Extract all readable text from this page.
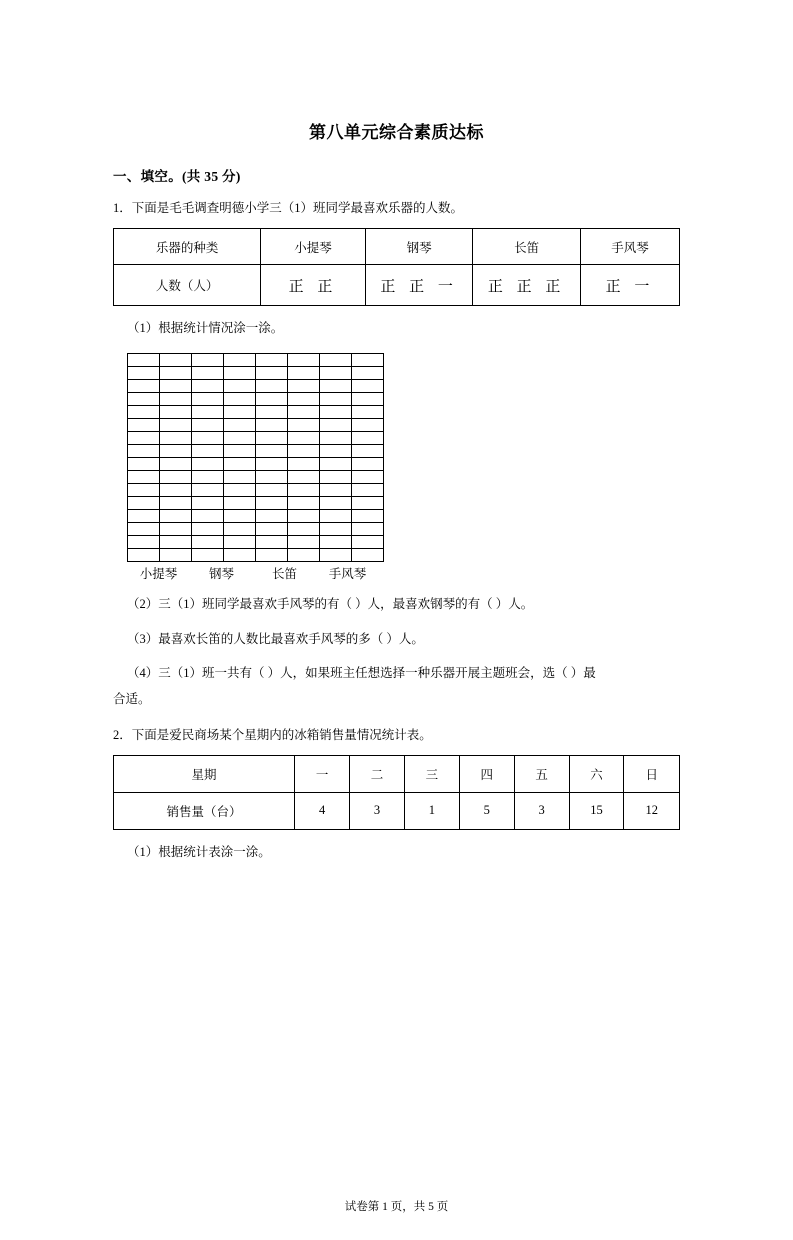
第八单元综合素质达标
一、填空。(共 35 分)
1．下面是毛毛调查明德小学三（1）班同学最喜欢乐器的人数。
乐器的种类	小提琴	钢琴	长笛	手风琴
人数（人）	正 正	正 正 一	正 正 正	正 一
（1）根据统计情况涂一涂。

小提琴	钢琴	长笛	手风琴
（2）三（1）班同学最喜欢手风琴的有（ ）人，最喜欢钢琴的有（ ）人。
（3）最喜欢长笛的人数比最喜欢手风琴的多（ ）人。
（4）三（1）班一共有（ ）人，如果班主任想选择一种乐器开展主题班会，选（ ）最
合适。
2．下面是爱民商场某个星期内的冰箱销售量情况统计表。
星期	一	二	三	四	五	六	日
销售量（台）	4	3	1	5	3	15	12
（1）根据统计表涂一涂。
试卷第 1 页，共 5 页
